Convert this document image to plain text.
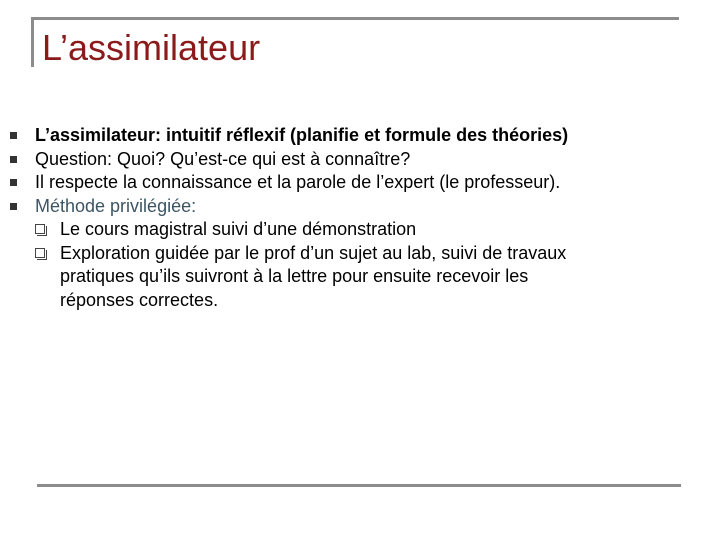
L’assimilateur
L’assimilateur: intuitif réflexif (planifie et formule des théories)
Question: Quoi? Qu’est-ce qui est à connaître?
Il respecte la connaissance et la parole de l’expert (le professeur).
Méthode privilégiée:
Le cours magistral suivi d’une démonstration
Exploration guidée par le prof d’un sujet au lab, suivi de travaux pratiques qu’ils suivront à la lettre pour ensuite recevoir les réponses correctes.
